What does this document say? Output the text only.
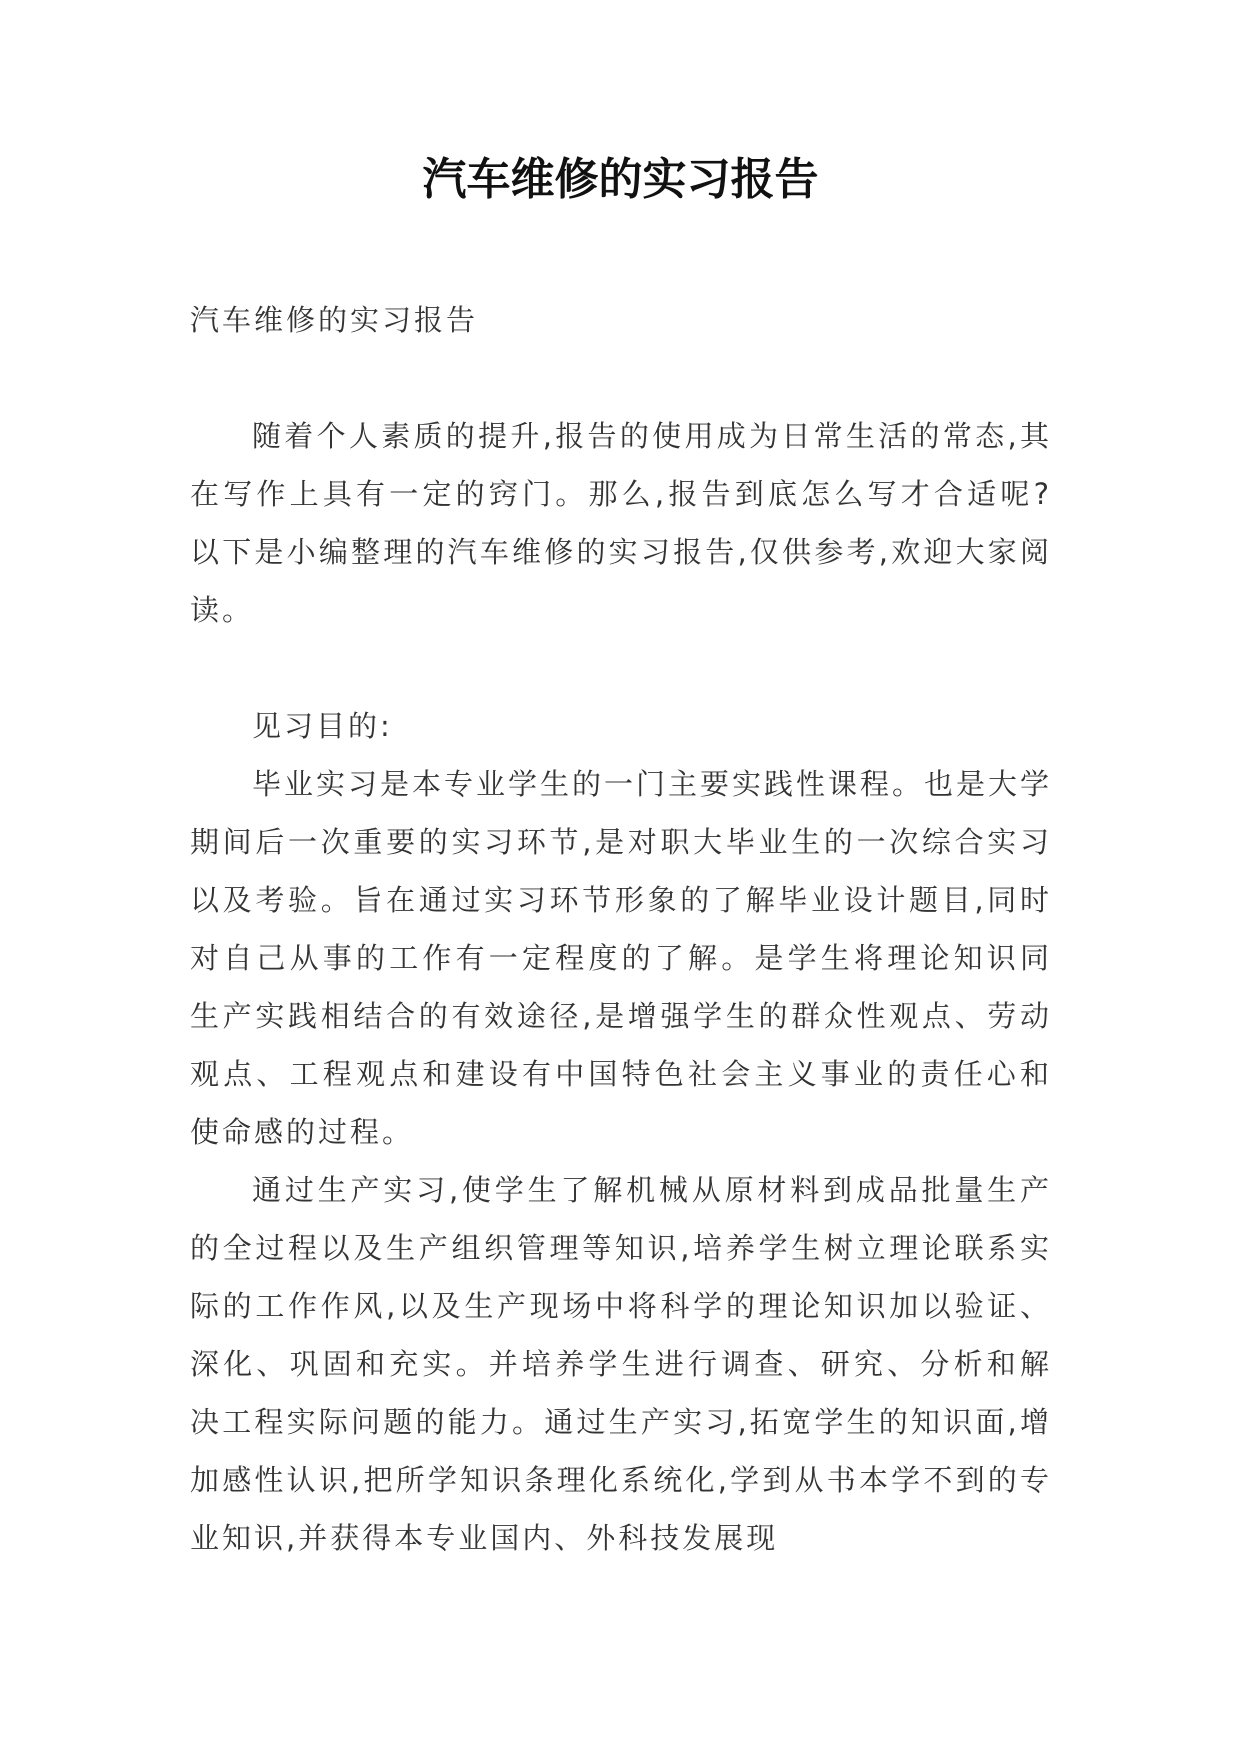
汽车维修的实习报告

汽车维修的实习报告

随着个人素质的提升,报告的使用成为日常生活的常态,其在写作上具有一定的窍门。那么,报告到底怎么写才合适呢?以下是小编整理的汽车维修的实习报告,仅供参考,欢迎大家阅读。

见习目的:

毕业实习是本专业学生的一门主要实践性课程。也是大学期间后一次重要的实习环节,是对职大毕业生的一次综合实习以及考验。旨在通过实习环节形象的了解毕业设计题目,同时对自己从事的工作有一定程度的了解。是学生将理论知识同生产实践相结合的有效途径,是增强学生的群众性观点、劳动观点、工程观点和建设有中国特色社会主义事业的责任心和使命感的过程。

通过生产实习,使学生了解机械从原材料到成品批量生产的全过程以及生产组织管理等知识,培养学生树立理论联系实际的工作作风,以及生产现场中将科学的理论知识加以验证、深化、巩固和充实。并培养学生进行调查、研究、分析和解决工程实际问题的能力。通过生产实习,拓宽学生的知识面,增加感性认识,把所学知识条理化系统化,学到从书本学不到的专业知识,并获得本专业国内、外科技发展现
